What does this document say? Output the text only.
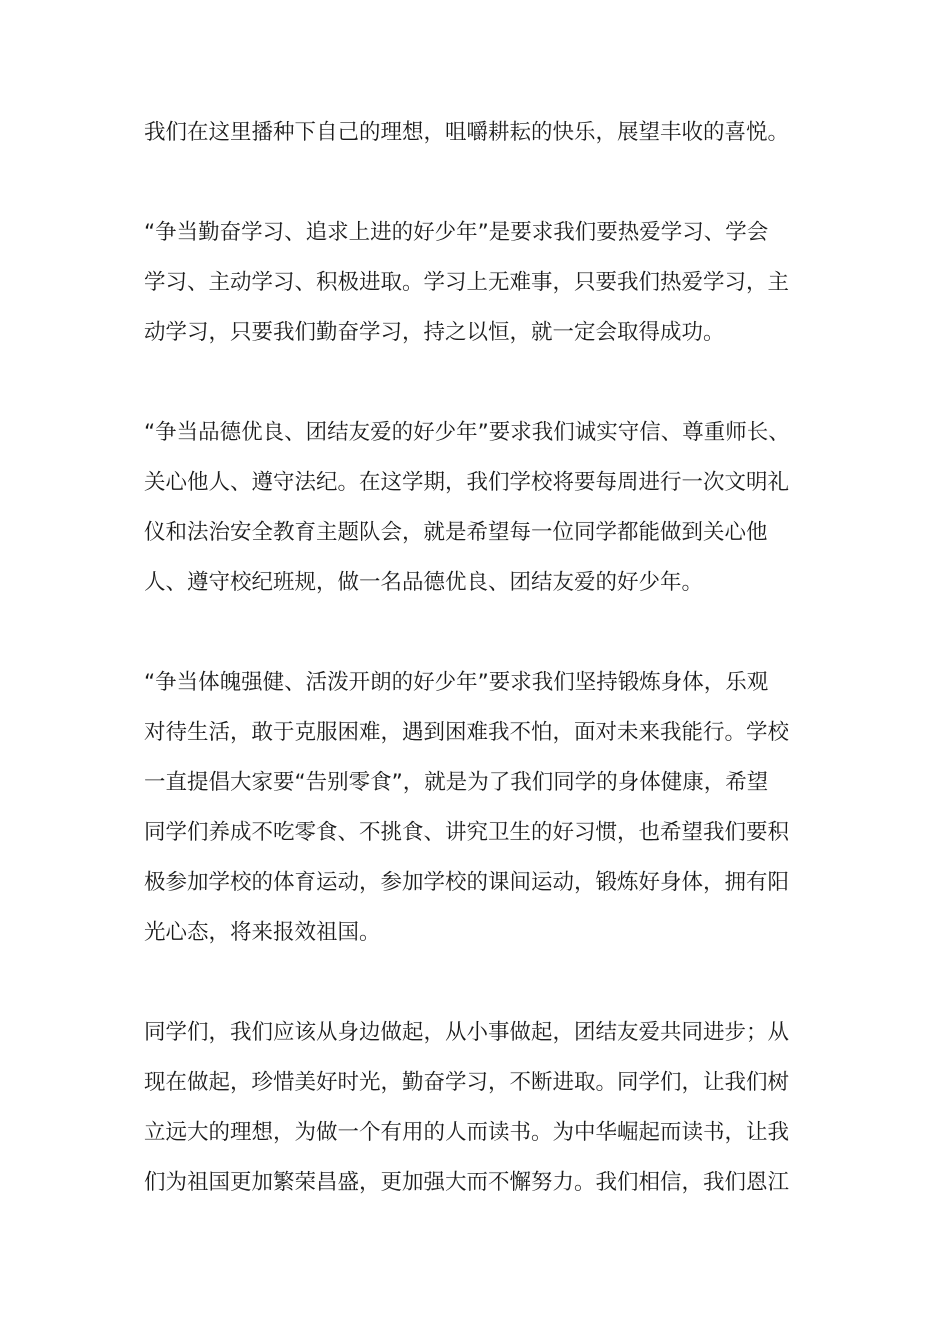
我们在这里播种下自己的理想，咀嚼耕耘的快乐，展望丰收的喜悦。

“争当勤奋学习、追求上进的好少年”是要求我们要热爱学习、学会
学习、主动学习、积极进取。学习上无难事，只要我们热爱学习，主
动学习，只要我们勤奋学习，持之以恒，就一定会取得成功。

“争当品德优良、团结友爱的好少年”要求我们诚实守信、尊重师长、
关心他人、遵守法纪。在这学期，我们学校将要每周进行一次文明礼
仪和法治安全教育主题队会，就是希望每一位同学都能做到关心他
人、遵守校纪班规，做一名品德优良、团结友爱的好少年。

“争当体魄强健、活泼开朗的好少年”要求我们坚持锻炼身体，乐观
对待生活，敢于克服困难，遇到困难我不怕，面对未来我能行。学校
一直提倡大家要“告别零食”，就是为了我们同学的身体健康，希望
同学们养成不吃零食、不挑食、讲究卫生的好习惯，也希望我们要积
极参加学校的体育运动，参加学校的课间运动，锻炼好身体，拥有阳
光心态，将来报效祖国。

同学们，我们应该从身边做起，从小事做起，团结友爱共同进步；从
现在做起，珍惜美好时光，勤奋学习，不断进取。同学们，让我们树
立远大的理想，为做一个有用的人而读书。为中华崛起而读书，让我
们为祖国更加繁荣昌盛，更加强大而不懈努力。我们相信，我们恩江
